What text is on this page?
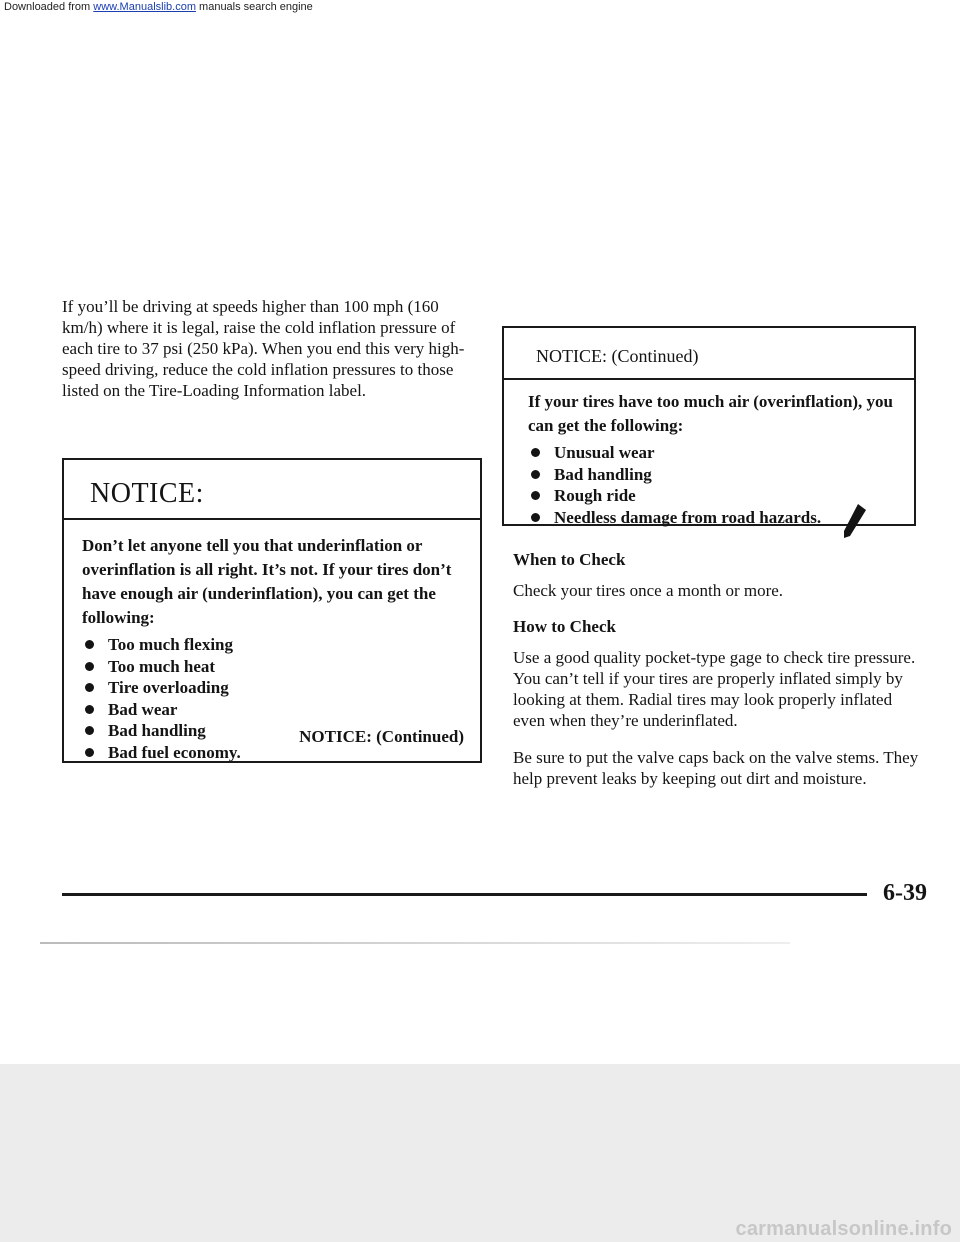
Downloaded from www.Manualslib.com manuals search engine

If you’ll be driving at speeds higher than 100 mph (160 km/h) where it is legal, raise the cold inflation pressure of each tire to 37 psi (250 kPa). When you end this very high-speed driving, reduce the cold inflation pressures to those listed on the Tire-Loading Information label.

NOTICE:

Don’t let anyone tell you that underinflation or overinflation is all right. It’s not. If your tires don’t have enough air (underinflation), you can get the following:

Too much flexing
Too much heat
Tire overloading
Bad wear
Bad handling
Bad fuel economy.
NOTICE: (Continued)
NOTICE: (Continued)

If your tires have too much air (overinflation), you can get the following:

Unusual wear
Bad handling
Rough ride
Needless damage from road hazards.
When to Check

Check your tires once a month or more.

How to Check

Use a good quality pocket-type gage to check tire pressure. You can’t tell if your tires are properly inflated simply by looking at them. Radial tires may look properly inflated even when they’re underinflated.

Be sure to put the valve caps back on the valve stems. They help prevent leaks by keeping out dirt and moisture.

6-39
carmanualsonline.info
